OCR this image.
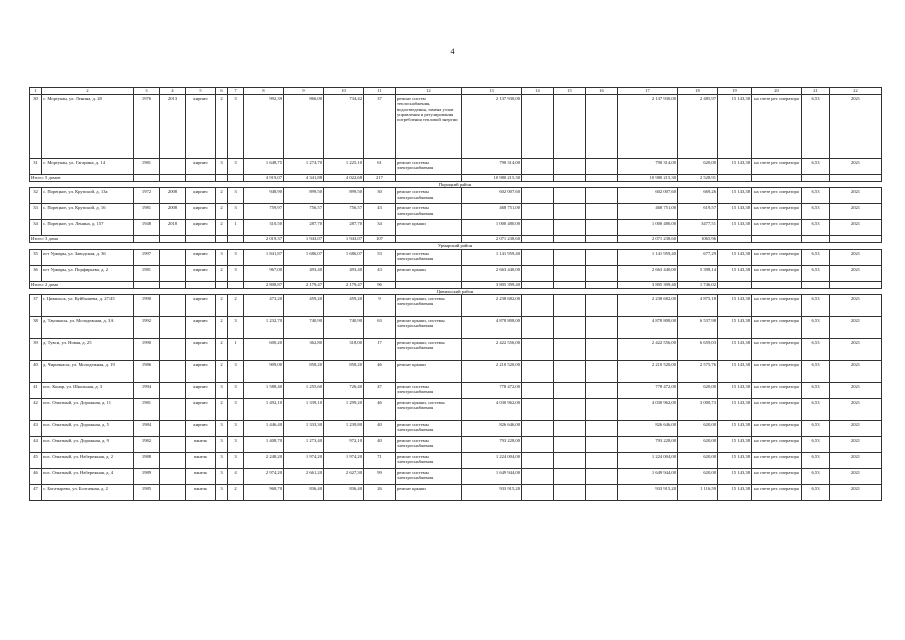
4
1	2	3	4	5	6	7	8	9	10	11	12	13	14	15	16	17	18	19	20	21	22
30	с. Мортукан, ул. Ленина, д. 28	1976	2013	кирпич	2	3	992,39	866,00	734,42	37	ремонт систем теплоснабжения, водоотведения, замена узлов управления и регулирования потребления тепловой энергии	2 137 930,00				2 137 930,00	2 485,97	15 143,38	на счете рег. оператора	6,53	2021
31	с. Мортукан, ул. Гагарина, д. 14	1981		кирпич	3	3	1 648,75	1 274,70	1 225,10	61	ремонт системы электроснабжения	790 314,00				790 314,00	620,00	15 143,38	на счете рег. оператора	6,53	2021
Итого: 5 домов							4 919,07	4 341,88	4 022,68	217		10 980 215,30				10 980 215,30	2 528,91				
Пороцкий район																					
32	с. Порецкое, ул. Крупской, д. 13а	1972	2008	кирпич	2	3	948,90	899,50	899,50	30	ремонт системы электроснабжения	602 007,60				602 007,60	669,26	15 143,38	на счете рег. оператора	6,53	2021
33	с. Порецкое, ул. Крупской, д. 16	1981	2008	кирпич	2	3	759,97	756,57	756,57	43	ремонт системы электроснабжения	468 751,00				468 751,00	619,57	15 143,38	на счете рег. оператора	6,53	2021
34	с. Порецкое, ул. Ленина, д. 157	1948	2018	кирпич	2	1	310,50	287,70	287,70	34	ремонт крыши	1 000 480,00				1 000 480,00	3477,51	15 143,38	на счете рег. оператора	6,53	2021
Итого: 3 дома							2 019,37	1 943,07	1 943,07	107		2 071 238,60				2 071 238,60	1065,96				
Урмарский район																					
35	пгт Урмары, ул. Заводская, д. 36	1997		кирпич	3	3	1 841,87	1 686,07	1 686,07	53	ремонт системы электроснабжения	1 141 959,40				1 141 959,40	677,29	15 143,38	на счете рег. оператора	6,53	2021
36	пгт Урмары, ул. Порфирьева, д. 2	1981		кирпич	2	3	967,00	493,40	493,40	43	ремонт крыши	2 663 440,00				2 663 440,00	5 398,14	15 143,38	на счете рег. оператора	6,53	2021
Итого: 2 дома							2 808,87	2 179,47	2 179,47	96		3 805 399,40				3 805 399,40	1 746,02				
Цивильский район																					
37	г. Цивильск, ул. Куйбышева, д. 27/45	1990		кирпич	2	2	473,20	459,20	459,20	9	ремонт крыши, системы электроснабжения	2 238 682,00				2 238 682,00	4 875,18	15 143,38	на счете рег. оператора	6,53	2021
38	д. Таушкасы, ул. Молодежная, д. 3А	1992		кирпич	2	3	1 232,70	740,90	740,90	63	ремонт крыши, системы электроснабжения	4 878 808,00				4 878 808,00	6 537,98	15 143,38	на счете рег. оператора	6,53	2021
39	д. Тувси, ул. Новая, д. 25	1990		кирпич	2	1	600,20	362,80	318,00	17	ремонт крыши, системы электроснабжения	2 422 556,00				2 422 556,00	6 659,03	15 143,38	на счете рег. оператора	6,53	2021
40	д. Чиричкасы, ул. Молодежная, д. 19	1986		кирпич	2	3	909,00	858,20	858,20	46	ремонт крыши	2 210 520,00				2 210 520,00	2 575,76	15 143,38	на счете рег. оператора	6,53	2021
41	пос. Конар, ул. Школьная, д. 3	1994		кирпич	3	3	1 588,40	1 255,60	726,40	47	ремонт системы электроснабжения	778 472,00				778 472,00	620,00	15 143,38	на счете рег. оператора	6,53	2021
42	пос. Опытный, ул. Дорожная, д. 11	1981		кирпич	2	3	1 492,10	1 339,10	1 299,20	46	ремонт крыши, системы электроснабжения	4 030 962,00				4 030 962,00	3 000,73	15 143,38	на счете рег. оператора	6,53	2021
43	пос. Опытный, ул. Дорожная, д. 5	1984		кирпич	3	3	1 446,40	1 333,30	1 239,80	40	ремонт системы электроснабжения	826 646,00				826 646,00	620,00	15 143,38	на счете рег. оператора	6,53	2021
44	пос. Опытный, ул. Дорожная, д. 9	1982		панель	3	3	1 408,70	1 273,40	972,10	40	ремонт системы электроснабжения	793 228,00				793 228,00	620,00	15 143,38	на счете рег. оператора	6,53	2021
45	пос. Опытный, ул. Набережная, д. 2	1988		панель	3	3	2 248,20	1 974,20	1 974,20	71	ремонт системы электроснабжения	1 224 004,00				1 224 004,00	620,00	15 143,38	на счете рег. оператора	6,53	2021
46	пос. Опытный, ул. Набережная, д. 4	1989		панель	3	4	2 974,20	2 661,20	2 627,30	99	ремонт системы электроснабжения	1 649 944,00				1 649 944,00	620,00	15 143,38	на счете рег. оператора	6,53	2021
47	с. Богатырево, ул. Болгачная, д. 2	1985		панель	3	2	968,70	836,40	836,40	26	ремонт крыши	933 915,20				933 915,20	1 116,59	15 143,38	на счете рег. оператора	6,53	2021
